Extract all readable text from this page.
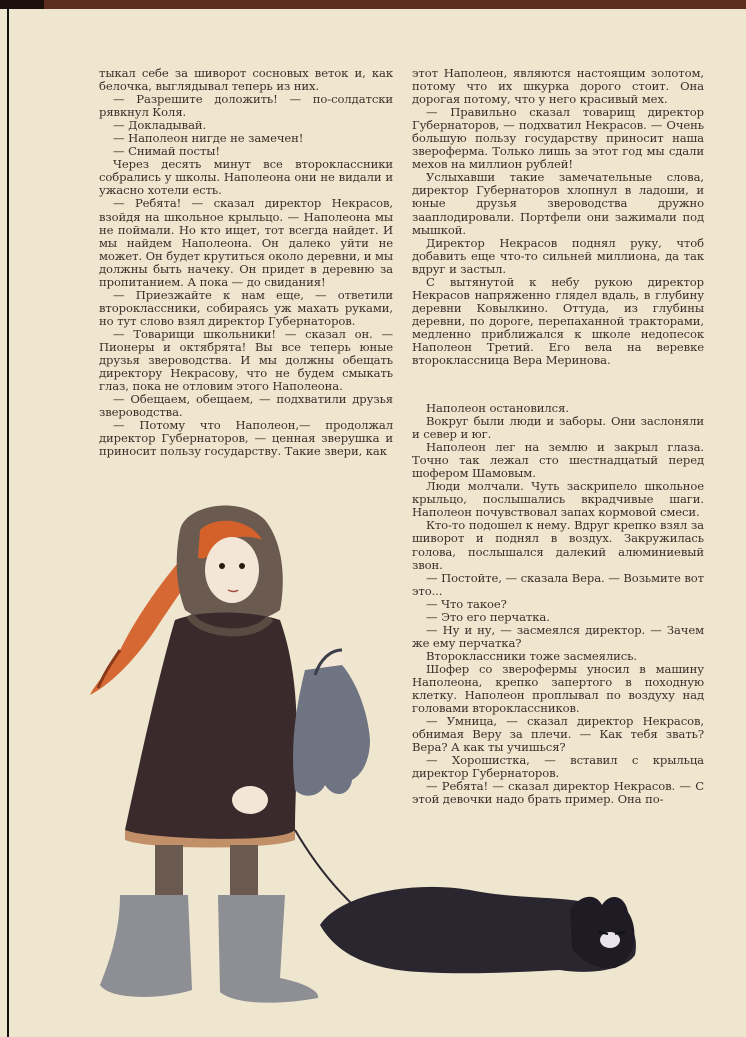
тыкал себе за шиворот сосновых веток и, как белочка, выглядывал теперь из них.

— Разрешите доложить! — по-солдатски рявкнул Коля.

— Докладывай.

— Наполеон нигде не замечен!

— Снимай посты!

Через десять минут все второклассники собрались у школы. Наполеона они не видали и ужасно хотели есть.

— Ребята! — сказал директор Некрасов, взойдя на школьное крыльцо. — Наполеона мы не поймали. Но кто ищет, тот всегда найдет. И мы найдем Наполеона. Он далеко уйти не может. Он будет крутиться около деревни, и мы должны быть начеку. Он придет в деревню за пропитанием. А пока — до свидания!

— Приезжайте к нам еще, — ответили второклассники, собираясь уж махать руками, но тут слово взял директор Губернаторов.

— Товарищи школьники! — сказал он. — Пионеры и октябрята! Вы все теперь юные друзья звероводства. И мы должны обещать директору Некрасову, что не будем смыкать глаз, пока не отловим этого Наполеона.

— Обещаем, обещаем, — подхватили друзья звероводства.

— Потому что Наполеон,— продолжал директор Губернаторов, — ценная зверушка и приносит пользу государству. Такие звери, как

этот Наполеон, являются настоящим золотом, потому что их шкурка дорого стоит. Она дорогая потому, что у него красивый мех.

— Правильно сказал товарищ директор Губернаторов, — подхватил Некрасов. — Очень большую пользу государству приносит наша звероферма. Только лишь за этот год мы сдали мехов на миллион рублей!

Услыхавши такие замечательные слова, директор Губернаторов хлопнул в ладоши, и юные друзья звероводства дружно зааплодировали. Портфели они зажимали под мышкой.

Директор Некрасов поднял руку, чтоб добавить еще что-то сильней миллиона, да так вдруг и застыл.

С вытянутой к небу рукою директор Некрасов напряженно глядел вдаль, в глубину деревни Ковылкино. Оттуда, из глубины деревни, по дороге, перепаханной тракторами, медленно приближался к школе недопесок Наполеон Третий. Его вела на веревке второклассница Вера Меринова.

Наполеон остановился.

Вокруг были люди и заборы. Они заслоняли и север и юг.

Наполеон лег на землю и закрыл глаза. Точно так лежал сто шестнадцатый перед шофером Шамовым.

Люди молчали. Чуть заскрипело школьное крыльцо, послышались вкрадчивые шаги. Наполеон почувствовал запах кормовой смеси.

Кто-то подошел к нему. Вдруг крепко взял за шиворот и поднял в воздух. Закружилась голова, послышался далекий алюминиевый звон.

— Постойте, — сказала Вера. — Возьмите вот это...

— Что такое?

— Это его перчатка.

— Ну и ну, — засмеялся директор. — Зачем же ему перчатка?

Второклассники тоже засмеялись.

Шофер со зверофермы уносил в машину Наполеона, крепко запертого в походную клетку. Наполеон проплывал по воздуху над головами второклассников.

— Умница, — сказал директор Некрасов, обнимая Веру за плечи. — Как тебя звать? Вера? А как ты учишься?

— Хорошистка, — вставил с крыльца директор Губернаторов.

— Ребята! — сказал директор Некрасов. — С этой девочки надо брать пример. Она по-
